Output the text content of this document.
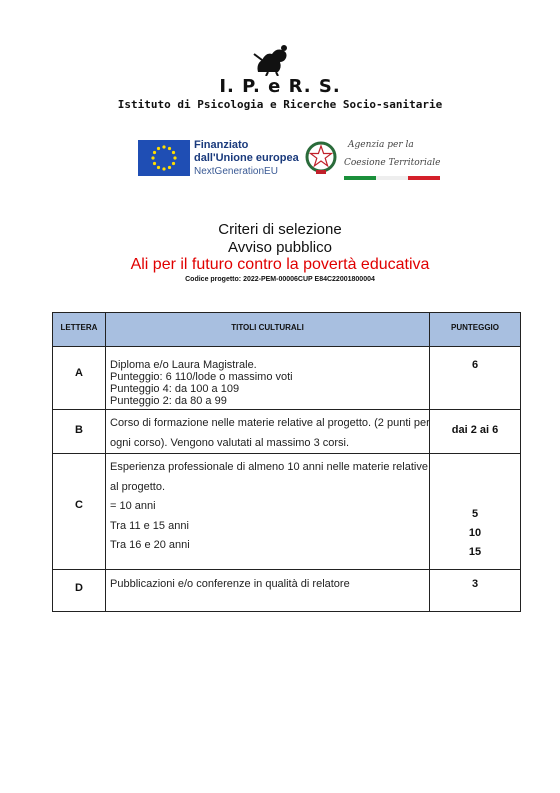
I. P. e R. S.
Istituto di Psicologia e Ricerche Socio-sanitarie
Finanziato
dall'Unione europea
NextGenerationEU
Agenzia per la
Coesione Territoriale
Criteri di selezione
Avviso pubblico
Ali per il futuro contro la povertà educativa
Codice progetto: 2022-PEM-00006CUP E84C22001800004
LETTERA	TITOLI CULTURALI	PUNTEGGIO
A	Diploma e/o Laura Magistrale.
Punteggio: 6 110/lode o massimo voti
Punteggio 4: da 100 a 109
Punteggio 2: da 80 a 99	6

B	Corso di formazione nelle materie relative al progetto. (2 punti per
ogni corso). Vengono valutati al massimo 3 corsi.	dai 2 ai 6

C	Esperienza professionale di almeno 10 anni nelle materie relative
al progetto.
= 10 anni
Tra 11 e 15 anni
Tra 16 e 20 anni	5
10
15

D	Pubblicazioni e/o conferenze in qualità di relatore	3
